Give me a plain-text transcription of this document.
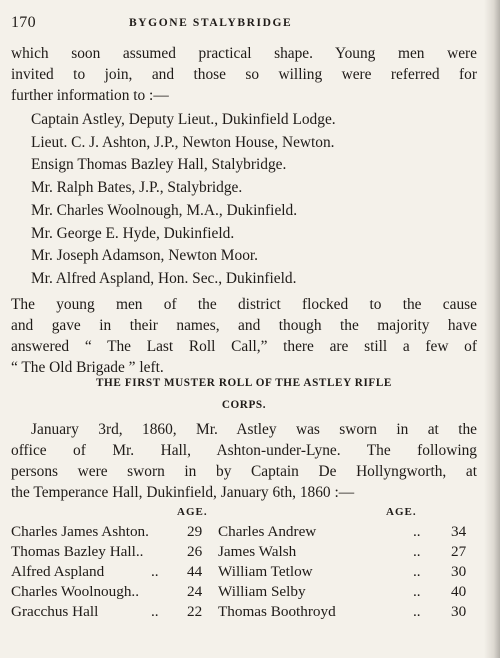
170	BYGONE STALYBRIDGE
which soon assumed practical shape. Young men were
invited to join, and those so willing were referred for
further information to :—
Captain Astley, Deputy Lieut., Dukinfield Lodge.
Lieut. C. J. Ashton, J.P., Newton House, Newton.
Ensign Thomas Bazley Hall, Stalybridge.
Mr. Ralph Bates, J.P., Stalybridge.
Mr. Charles Woolnough, M.A., Dukinfield.
Mr. George E. Hyde, Dukinfield.
Mr. Joseph Adamson, Newton Moor.
Mr. Alfred Aspland, Hon. Sec., Dukinfield.
The young men of the district flocked to the cause
and gave in their names, and though the majority have
answered “ The Last Roll Call,” there are still a few of
“ The Old Brigade ” left.
THE FIRST MUSTER ROLL OF THE ASTLEY RIFLE
CORPS.
January 3rd, 1860, Mr. Astley was sworn in at the
office of Mr. Hall, Ashton-under-Lyne. The following
persons were sworn in by Captain De Hollyngworth, at
the Temperance Hall, Dukinfield, January 6th, 1860 :—
AGE.	AGE.
Charles James Ashton.	29 Charles Andrew	.. 34
Thomas Bazley Hall..	26 James Walsh	.. 27
Alfred Aspland	.. 44 William Tetlow	.. 30
Charles Woolnough..	24 William Selby	.. 40
Gracchus Hall	.. 22 Thomas Boothroyd	.. 30
